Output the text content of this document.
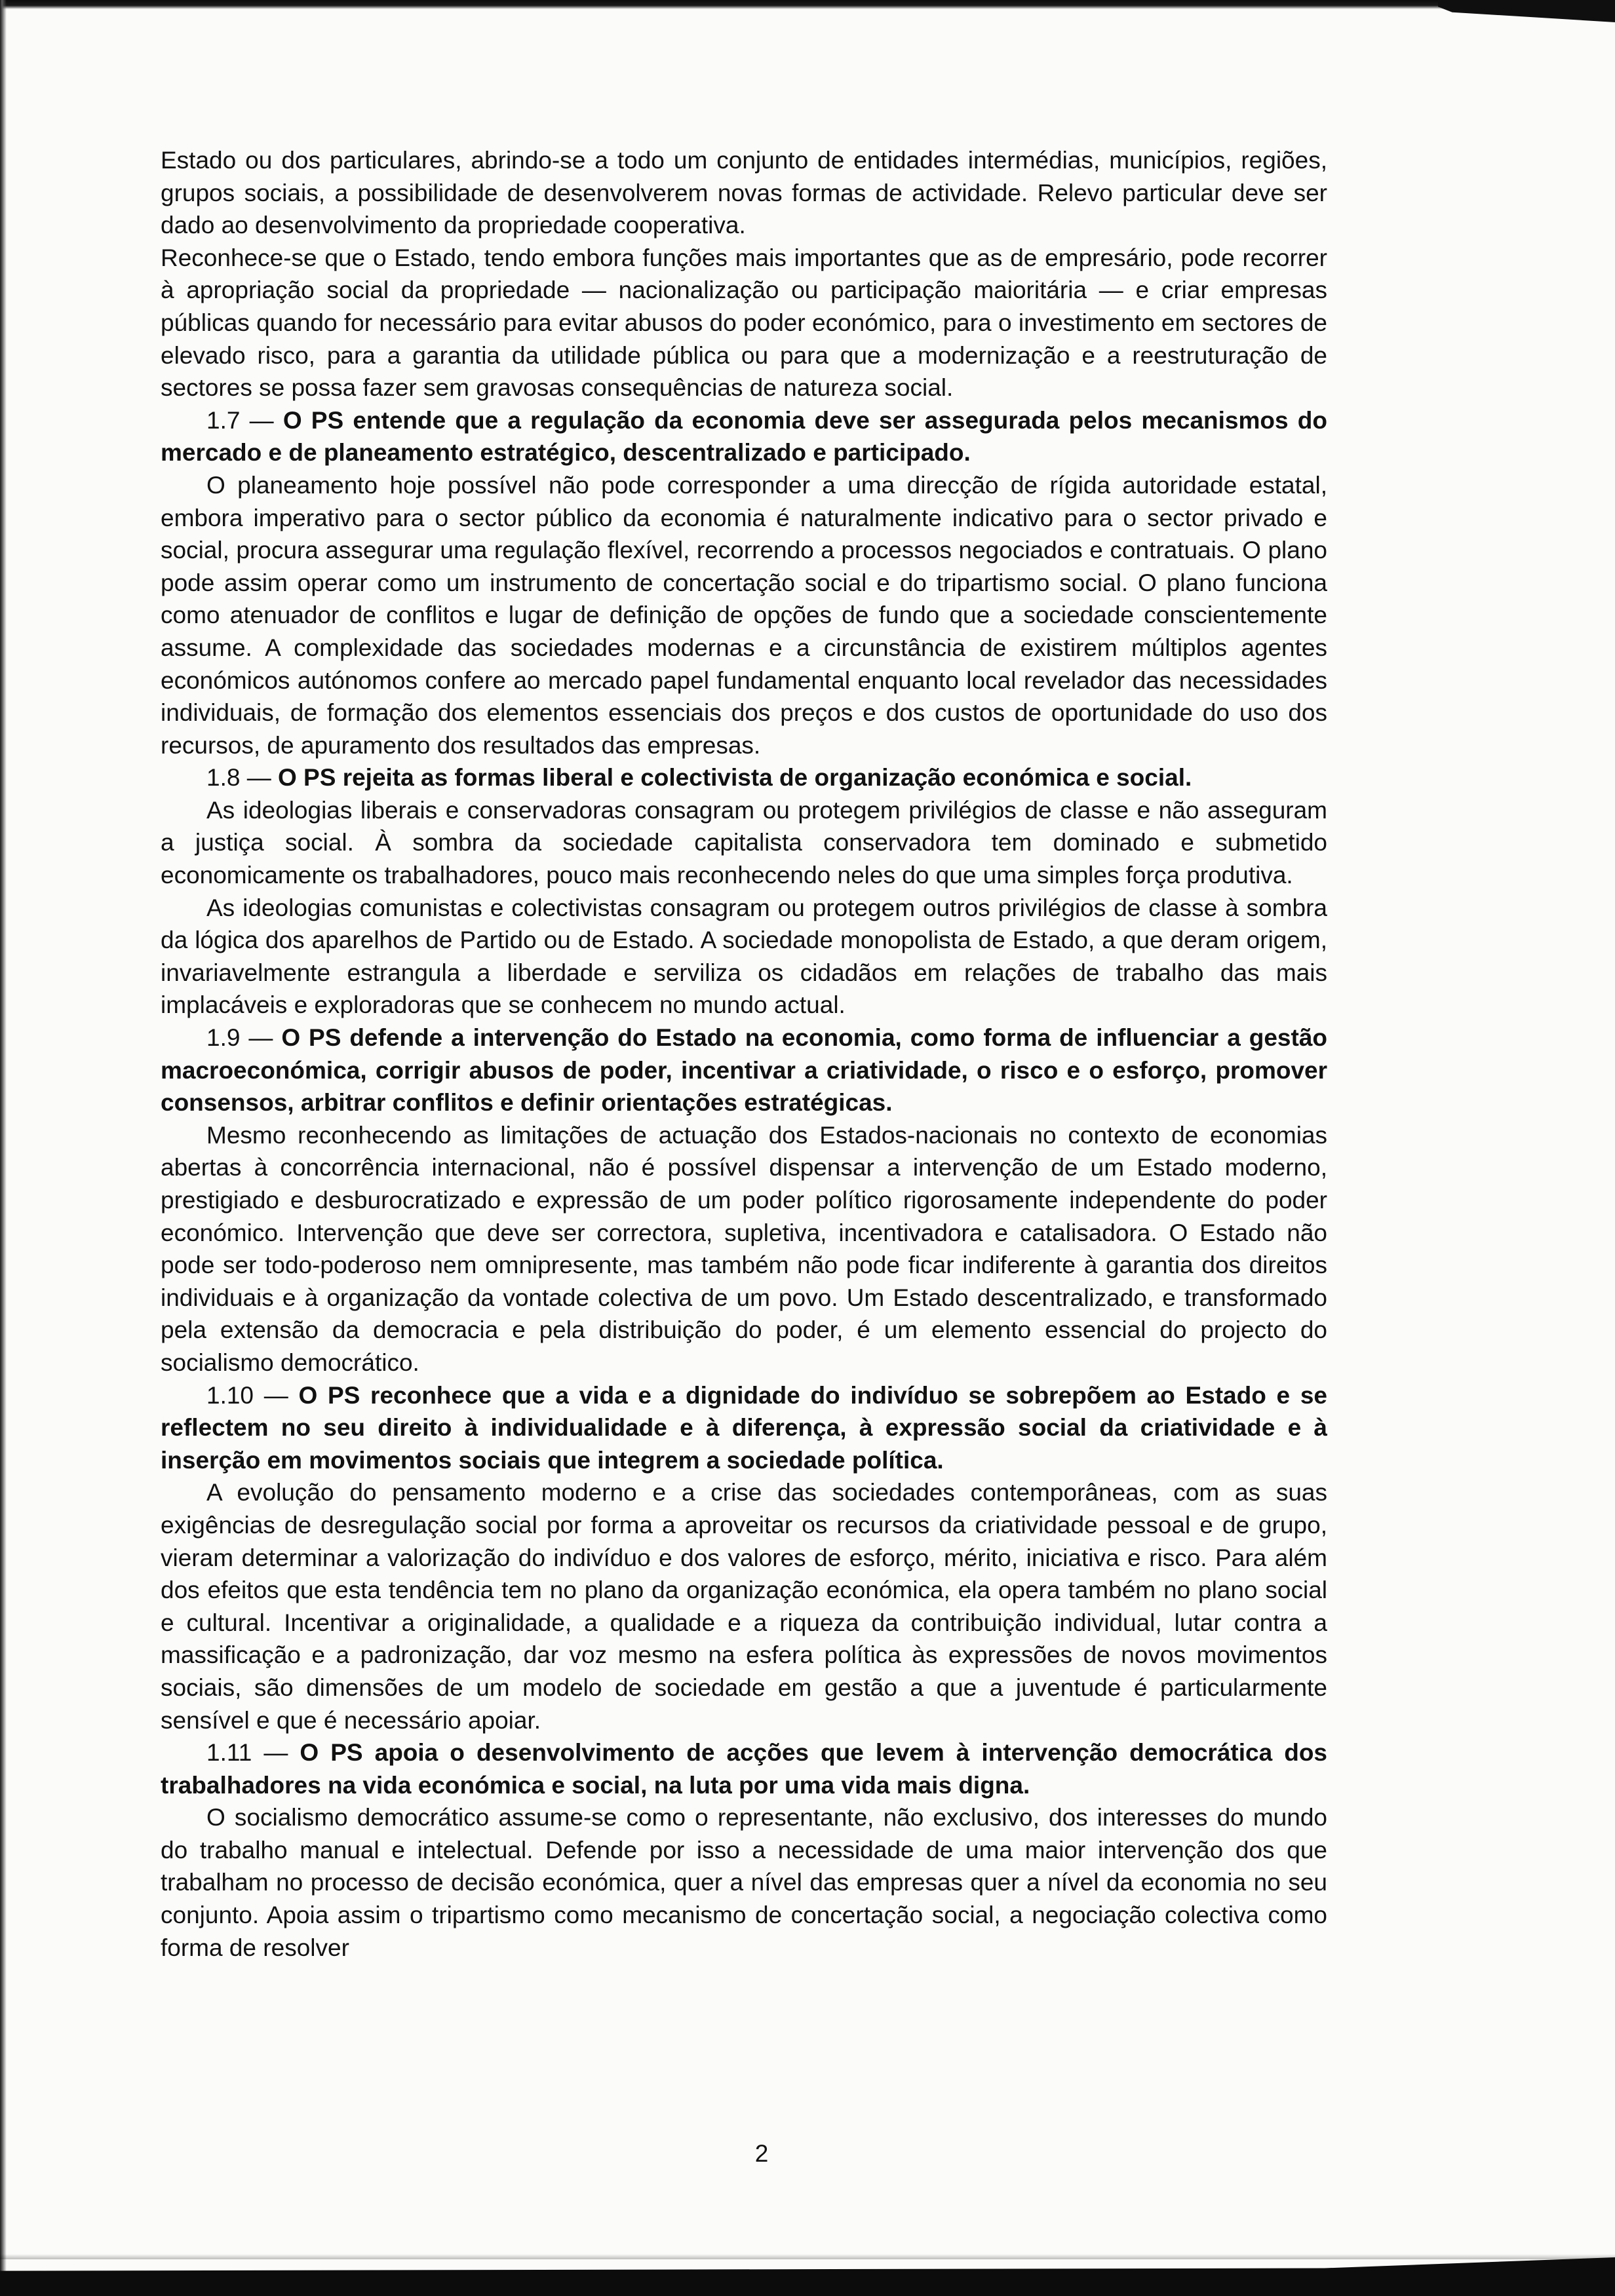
Estado ou dos particulares, abrindo-se a todo um conjunto de entidades intermédias, municípios, regiões, grupos sociais, a possibilidade de desenvolverem novas formas de actividade. Relevo particular deve ser dado ao desenvolvimento da propriedade cooperativa.

Reconhece-se que o Estado, tendo embora funções mais importantes que as de empresário, pode recorrer à apropriação social da propriedade — nacionalização ou participação maioritária — e criar empresas públicas quando for necessário para evitar abusos do poder económico, para o investimento em sectores de elevado risco, para a garantia da utilidade pública ou para que a modernização e a reestruturação de sectores se possa fazer sem gravosas consequências de natureza social.

1.7 — O PS entende que a regulação da economia deve ser assegurada pelos mecanismos do mercado e de planeamento estratégico, descentralizado e participado.

O planeamento hoje possível não pode corresponder a uma direcção de rígida autoridade estatal, embora imperativo para o sector público da economia é naturalmente indicativo para o sector privado e social, procura assegurar uma regulação flexível, recorrendo a processos negociados e contratuais. O plano pode assim operar como um instrumento de concertação social e do tripartismo social. O plano funciona como atenuador de conflitos e lugar de definição de opções de fundo que a sociedade conscientemente assume. A complexidade das sociedades modernas e a circunstância de existirem múltiplos agentes económicos autónomos confere ao mercado papel fundamental enquanto local revelador das necessidades individuais, de formação dos elementos essenciais dos preços e dos custos de oportunidade do uso dos recursos, de apuramento dos resultados das empresas.

1.8 — O PS rejeita as formas liberal e colectivista de organização económica e social.

As ideologias liberais e conservadoras consagram ou protegem privilégios de classe e não asseguram a justiça social. À sombra da sociedade capitalista conservadora tem dominado e submetido economicamente os trabalhadores, pouco mais reconhecendo neles do que uma simples força produtiva.

As ideologias comunistas e colectivistas consagram ou protegem outros privilégios de classe à sombra da lógica dos aparelhos de Partido ou de Estado. A sociedade monopolista de Estado, a que deram origem, invariavelmente estrangula a liberdade e serviliza os cidadãos em relações de trabalho das mais implacáveis e exploradoras que se conhecem no mundo actual.

1.9 — O PS defende a intervenção do Estado na economia, como forma de influenciar a gestão macroeconómica, corrigir abusos de poder, incentivar a criatividade, o risco e o esforço, promover consensos, arbitrar conflitos e definir orientações estratégicas.

Mesmo reconhecendo as limitações de actuação dos Estados-nacionais no contexto de economias abertas à concorrência internacional, não é possível dispensar a intervenção de um Estado moderno, prestigiado e desburocratizado e expressão de um poder político rigorosamente independente do poder económico. Intervenção que deve ser correctora, supletiva, incentivadora e catalisadora. O Estado não pode ser todo-poderoso nem omnipresente, mas também não pode ficar indiferente à garantia dos direitos individuais e à organização da vontade colectiva de um povo. Um Estado descentralizado, e transformado pela extensão da democracia e pela distribuição do poder, é um elemento essencial do projecto do socialismo democrático.

1.10 — O PS reconhece que a vida e a dignidade do indivíduo se sobrepõem ao Estado e se reflectem no seu direito à individualidade e à diferença, à expressão social da criatividade e à inserção em movimentos sociais que integrem a sociedade política.

A evolução do pensamento moderno e a crise das sociedades contemporâneas, com as suas exigências de desregulação social por forma a aproveitar os recursos da criatividade pessoal e de grupo, vieram determinar a valorização do indivíduo e dos valores de esforço, mérito, iniciativa e risco. Para além dos efeitos que esta tendência tem no plano da organização económica, ela opera também no plano social e cultural. Incentivar a originalidade, a qualidade e a riqueza da contribuição individual, lutar contra a massificação e a padronização, dar voz mesmo na esfera política às expressões de novos movimentos sociais, são dimensões de um modelo de sociedade em gestão a que a juventude é particularmente sensível e que é necessário apoiar.

1.11 — O PS apoia o desenvolvimento de acções que levem à intervenção democrática dos trabalhadores na vida económica e social, na luta por uma vida mais digna.

O socialismo democrático assume-se como o representante, não exclusivo, dos interesses do mundo do trabalho manual e intelectual. Defende por isso a necessidade de uma maior intervenção dos que trabalham no processo de decisão económica, quer a nível das empresas quer a nível da economia no seu conjunto. Apoia assim o tripartismo como mecanismo de concertação social, a negociação colectiva como forma de resolver

2
